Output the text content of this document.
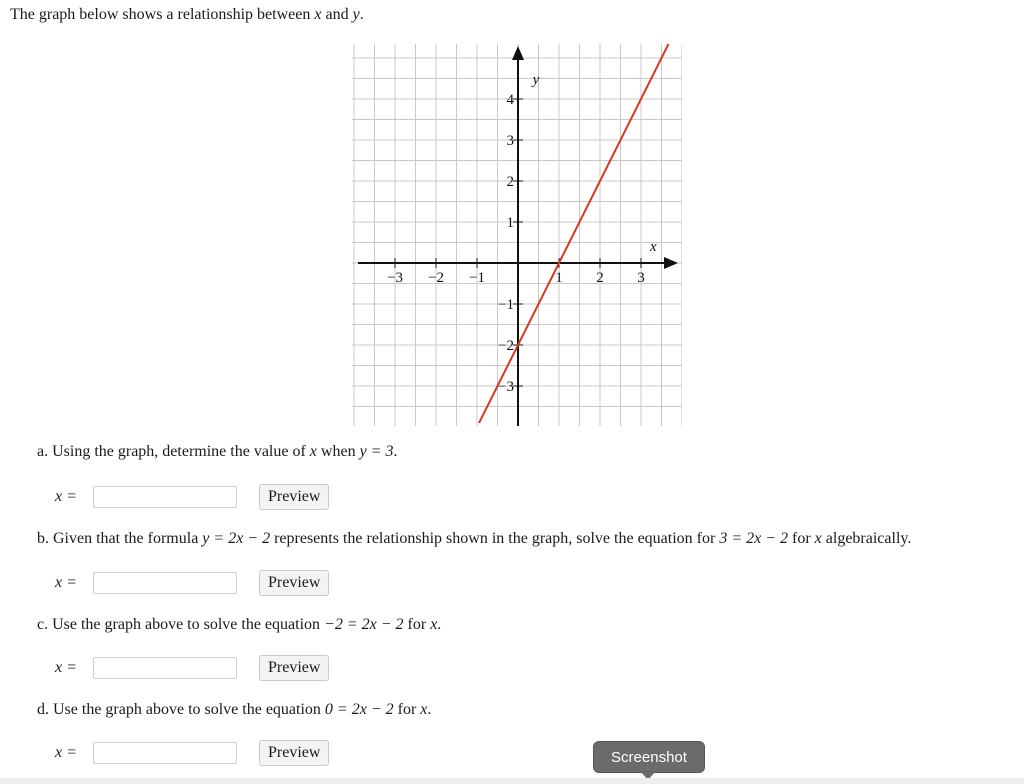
The graph below shows a relationship between x and y.

x
y
−3 −2 −1	1 2 3
4
3
2
1
−1
−2
−3

a. Using the graph, determine the value of x when y = 3.

x =	Preview

b. Given that the formula y = 2x − 2 represents the relationship shown in the graph, solve the equation for 3 = 2x − 2 for x algebraically.

x =	Preview

c. Use the graph above to solve the equation −2 = 2x − 2 for x.

x =	Preview

d. Use the graph above to solve the equation 0 = 2x − 2 for x.

x =	Preview	Screenshot
